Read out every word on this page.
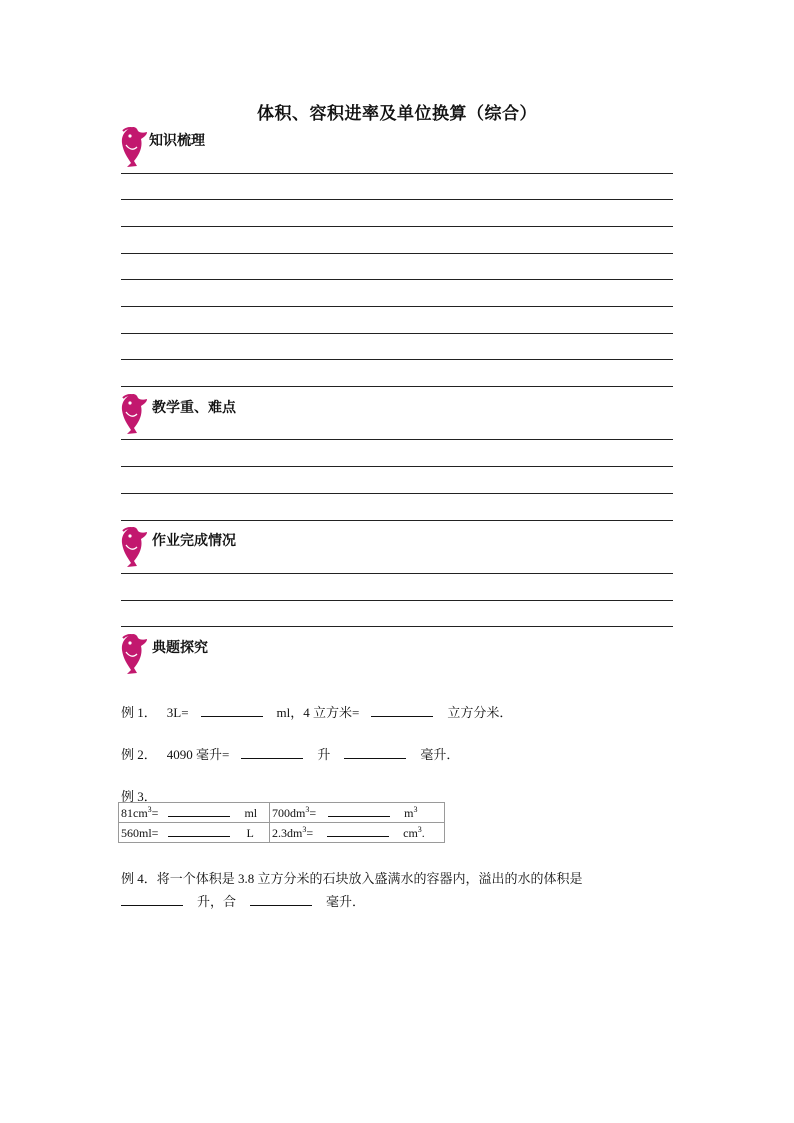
体积、容积进率及单位换算（综合）
知识梳理
教学重、难点
作业完成情况
典题探究
例 1． 3L=	ml，4 立方米=	立方分米．
例 2． 4090 毫升=	升	毫升．
例 3．
$81cm^3=$ ml	$700dm^3= m^3$
560ml= L	$2.3dm^3= cm^3$.
例 4．将一个体积是 3.8 立方分米的石块放入盛满水的容器内，溢出的水的体积是
升，合	毫升．
